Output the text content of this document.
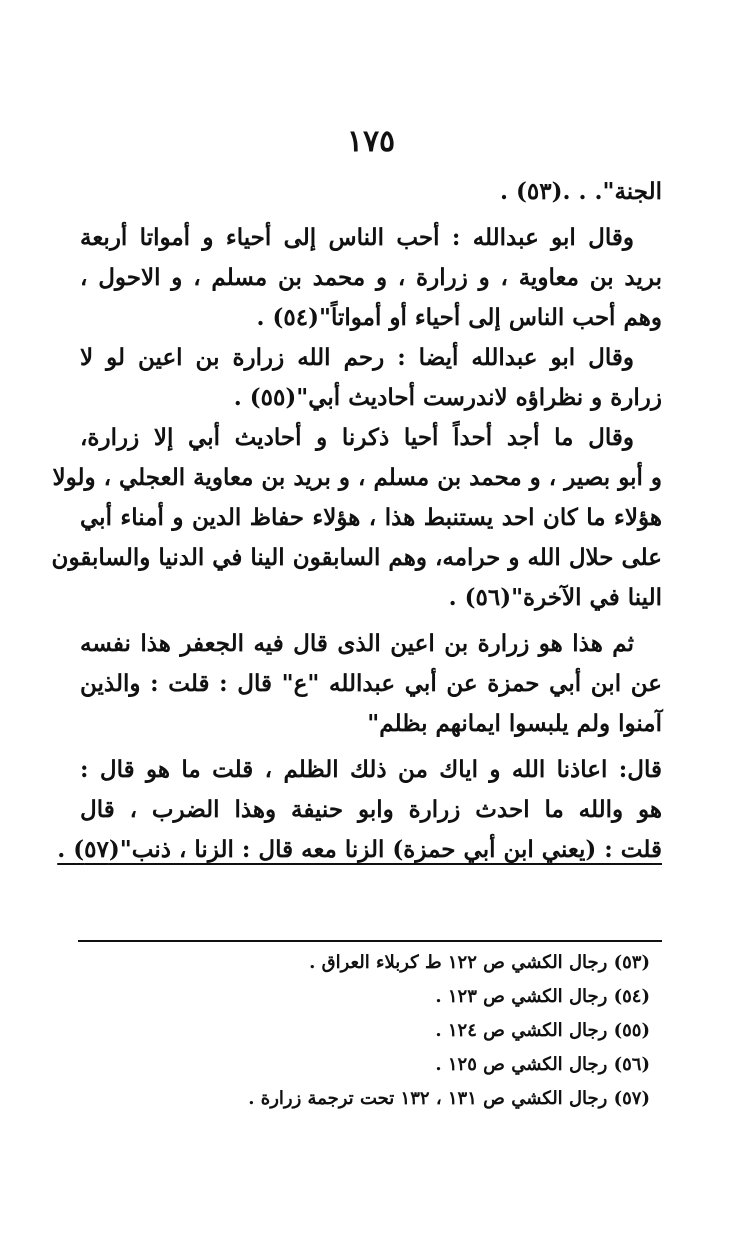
١٧٥
الجنة". . .(٥٣) .
وقال ابو عبدالله : أحب الناس إلى أحياء و أمواتا أربعة
بريد بن معاوية ، و زرارة ، و محمد بن مسلم ، و الاحول ،
وهم أحب الناس إلى أحياء أو أمواتاً"(٥٤) .
وقال ابو عبدالله أيضا : رحم الله زرارة بن اعين لو لا
زرارة و نظراؤه لاندرست أحاديث أبي"(٥٥) .
وقال ما أجد أحداً أحيا ذكرنا و أحاديث أبي إلا زرارة،
و أبو بصير ، و محمد بن مسلم ، و بريد بن معاوية العجلي ، ولولا
هؤلاء ما كان احد يستنبط هذا ، هؤلاء حفاظ الدين و أمناء أبي
على حلال الله و حرامه، وهم السابقون الينا في الدنيا والسابقون
الينا في الآخرة"(٥٦) .
ثم هذا هو زرارة بن اعين الذى قال فيه الجعفر هذا نفسه
عن ابن أبي حمزة عن أبي عبدالله "ع" قال : قلت : والذين
آمنوا ولم يلبسوا ايمانهم بظلم"
قال: اعاذنا الله و اياك من ذلك الظلم ، قلت ما هو قال :
هو والله ما احدث زرارة وابو حنيفة وهذا الضرب ، قال
قلت : (يعني ابن أبي حمزة) الزنا معه قال : الزنا ، ذنب"(٥٧) .
(٥٣) رجال الكشي ص ١٢٢ ط كربلاء العراق .
(٥٤) رجال الكشي ص ١٢٣ .
(٥٥) رجال الكشي ص ١٢٤ .
(٥٦) رجال الكشي ص ١٢٥ .
(٥٧) رجال الكشي ص ١٣١ ، ١٣٢ تحت ترجمة زرارة .
